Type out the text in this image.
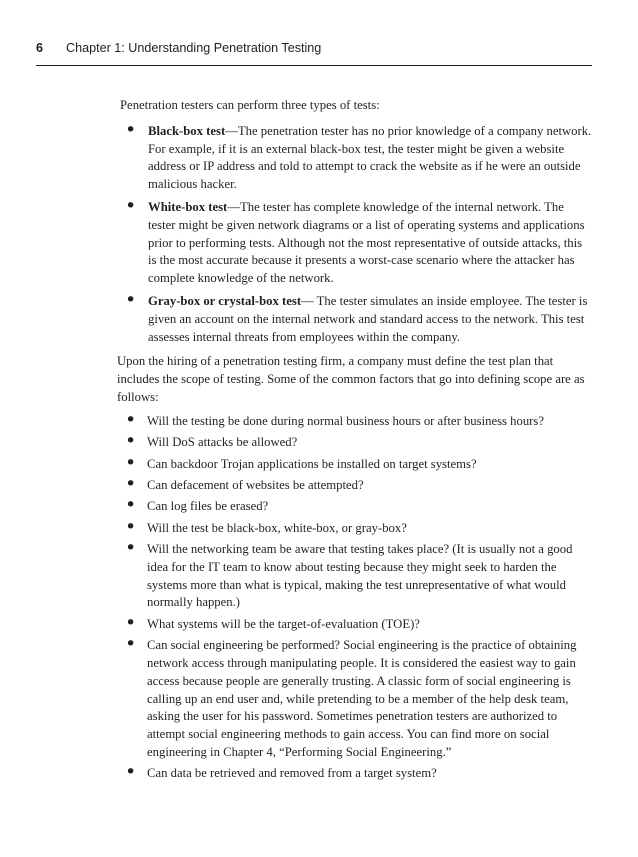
6 Chapter 1: Understanding Penetration Testing

Penetration testers can perform three types of tests:

• Black-box test—The penetration tester has no prior knowledge of a company network. For example, if it is an external black-box test, the tester might be given a website address or IP address and told to attempt to crack the website as if he were an outside malicious hacker.
• White-box test—The tester has complete knowledge of the internal network. The tester might be given network diagrams or a list of operating systems and applications prior to performing tests. Although not the most representative of outside attacks, this is the most accurate because it presents a worst-case scenario where the attacker has complete knowledge of the network.
• Gray-box or crystal-box test— The tester simulates an inside employee. The tester is given an account on the internal network and standard access to the network. This test assesses internal threats from employees within the company.

Upon the hiring of a penetration testing firm, a company must define the test plan that includes the scope of testing. Some of the common factors that go into defining scope are as follows:

• Will the testing be done during normal business hours or after business hours?
• Will DoS attacks be allowed?
• Can backdoor Trojan applications be installed on target systems?
• Can defacement of websites be attempted?
• Can log files be erased?
• Will the test be black-box, white-box, or gray-box?
• Will the networking team be aware that testing takes place? (It is usually not a good idea for the IT team to know about testing because they might seek to harden the systems more than what is typical, making the test unrepresentative of what would normally happen.)
• What systems will be the target-of-evaluation (TOE)?
• Can social engineering be performed? Social engineering is the practice of obtaining network access through manipulating people. It is considered the easiest way to gain access because people are generally trusting. A classic form of social engineering is calling up an end user and, while pretending to be a member of the help desk team, asking the user for his password. Sometimes penetration testers are authorized to attempt social engineering methods to gain access. You can find more on social engineering in Chapter 4, “Performing Social Engineering.”
• Can data be retrieved and removed from a target system?
